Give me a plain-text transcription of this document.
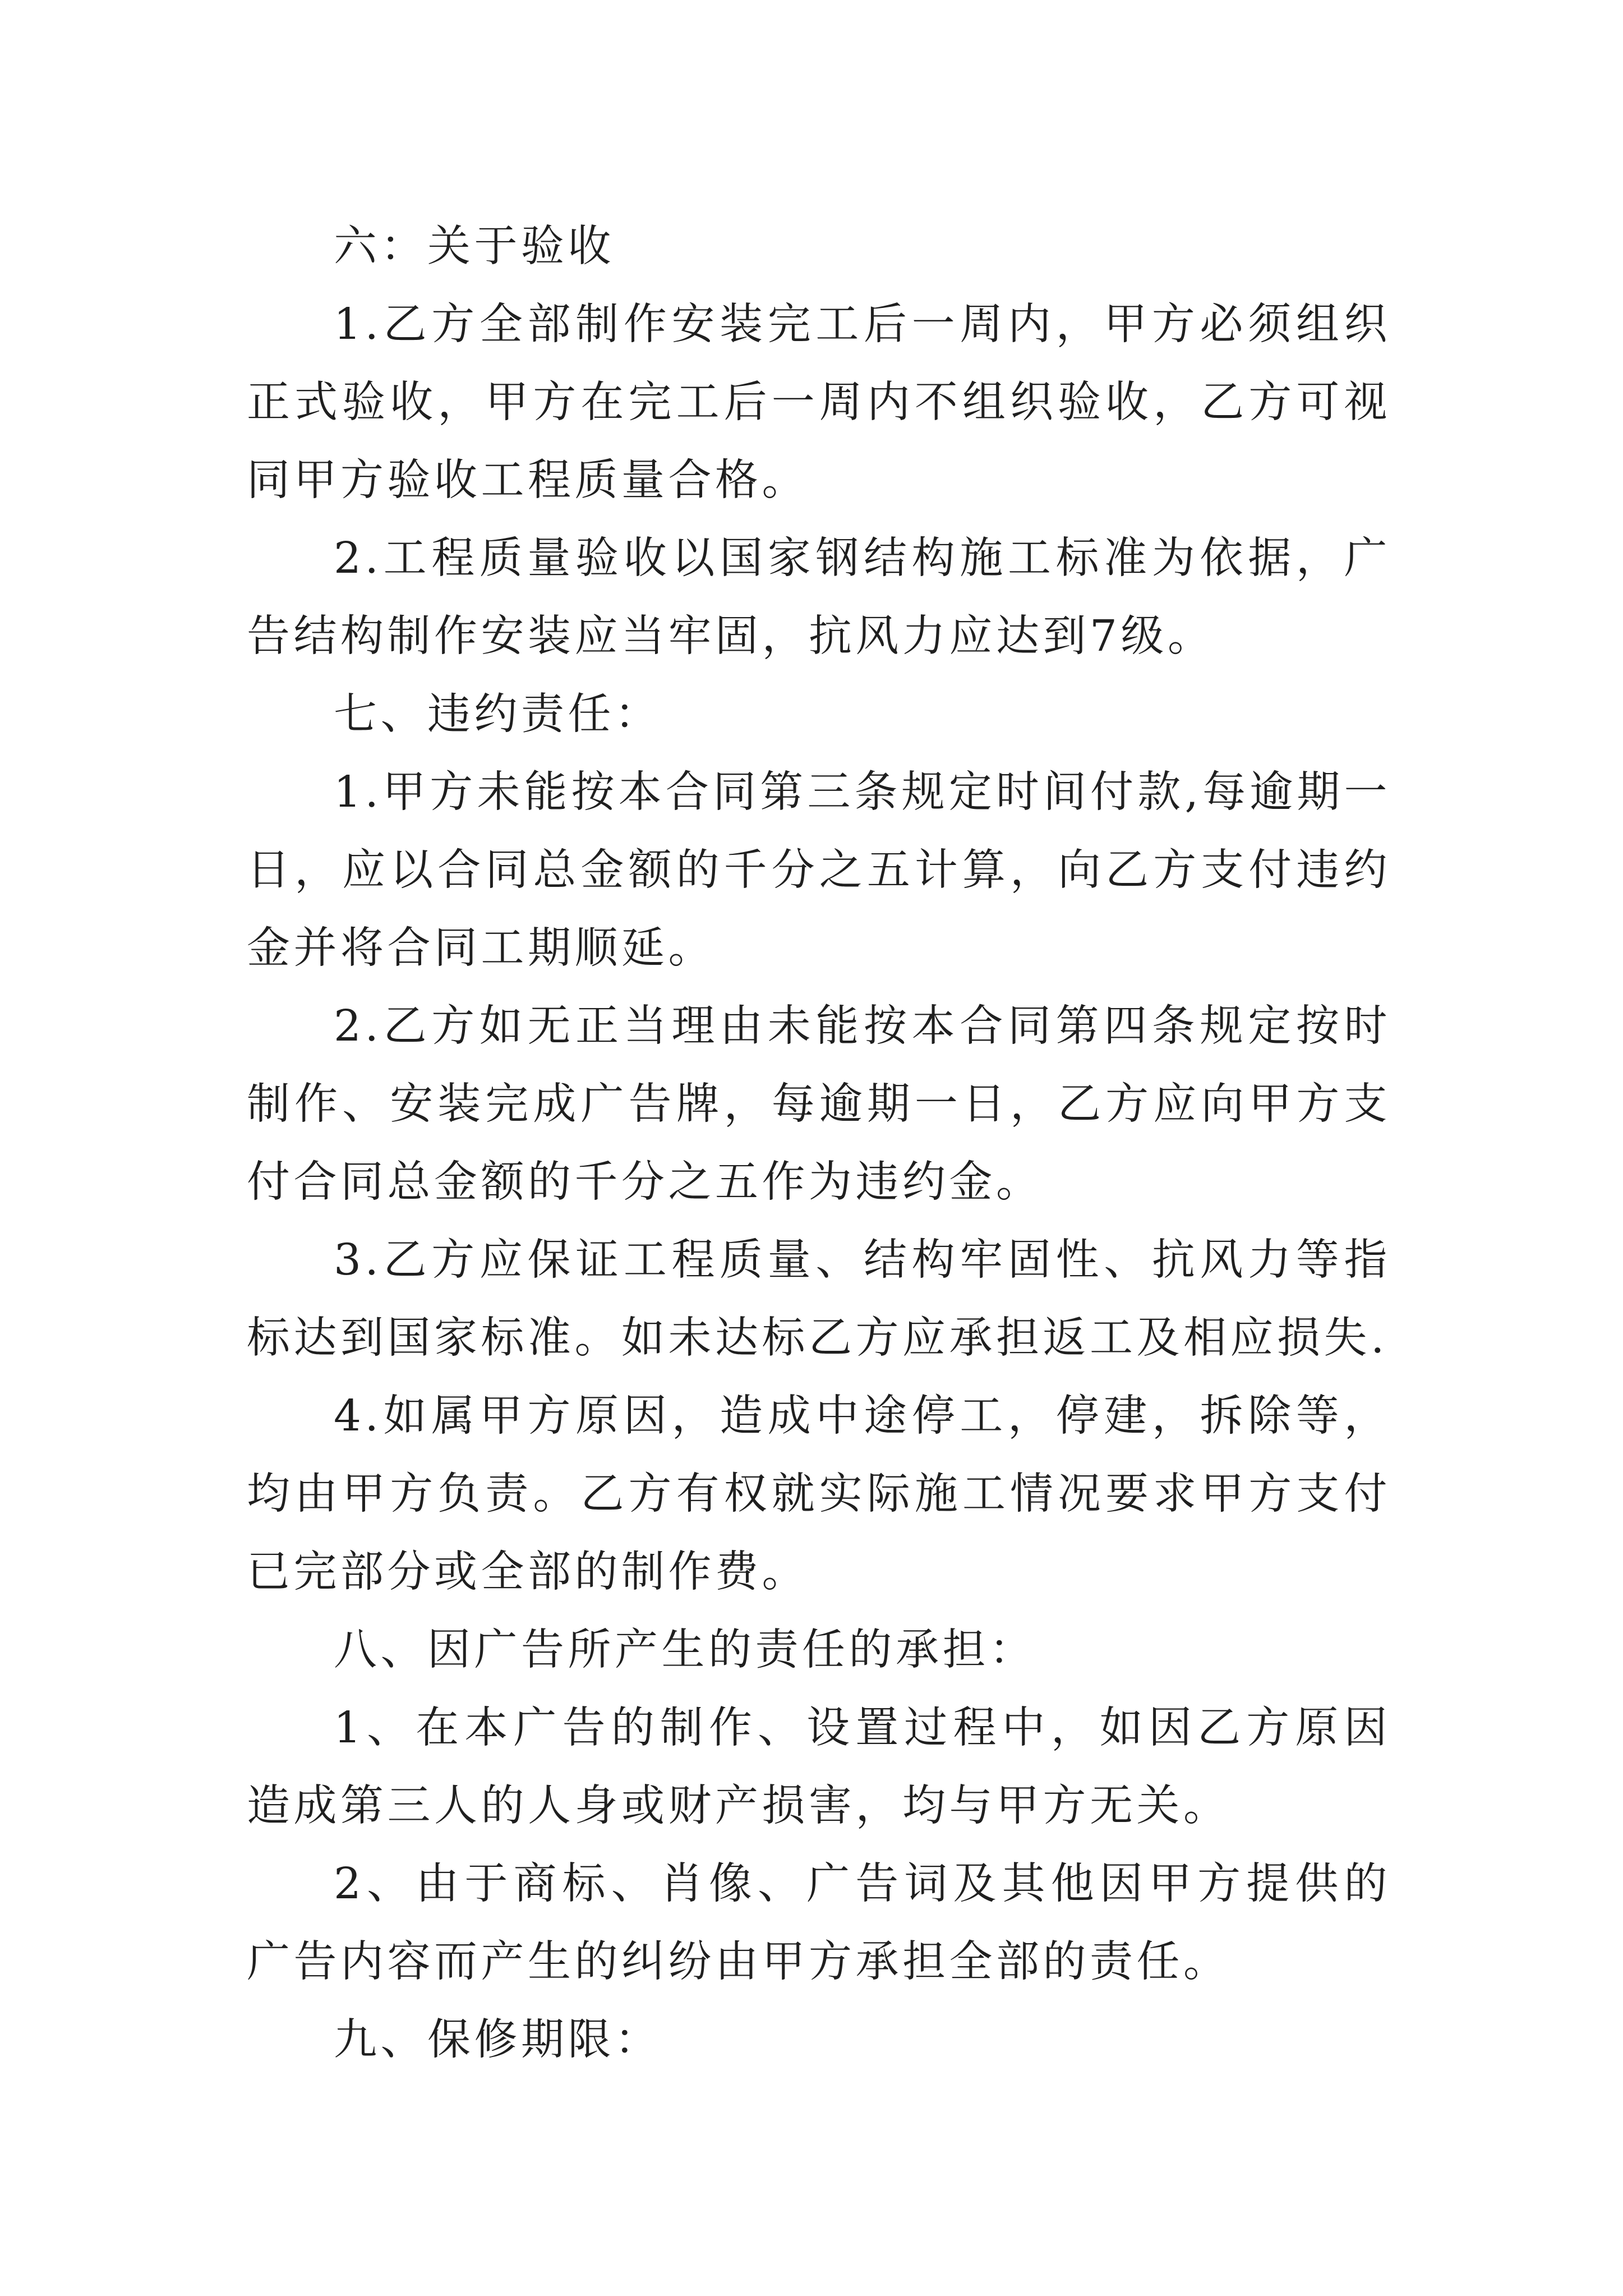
六：关于验收

1.乙方全部制作安装完工后一周内，甲方必须组织正式验收，甲方在完工后一周内不组织验收，乙方可视同甲方验收工程质量合格。

2.工程质量验收以国家钢结构施工标准为依据，广告结构制作安装应当牢固，抗风力应达到7级。

七、违约责任：

1.甲方未能按本合同第三条规定时间付款,每逾期一日，应以合同总金额的千分之五计算，向乙方支付违约金并将合同工期顺延。

2.乙方如无正当理由未能按本合同第四条规定按时制作、安装完成广告牌，每逾期一日，乙方应向甲方支付合同总金额的千分之五作为违约金。

3.乙方应保证工程质量、结构牢固性、抗风力等指标达到国家标准。如未达标乙方应承担返工及相应损失.

4.如属甲方原因，造成中途停工，停建，拆除等，均由甲方负责。乙方有权就实际施工情况要求甲方支付已完部分或全部的制作费。

八、因广告所产生的责任的承担：

1、在本广告的制作、设置过程中，如因乙方原因造成第三人的人身或财产损害，均与甲方无关。

2、由于商标、肖像、广告词及其他因甲方提供的广告内容而产生的纠纷由甲方承担全部的责任。

九、保修期限：
